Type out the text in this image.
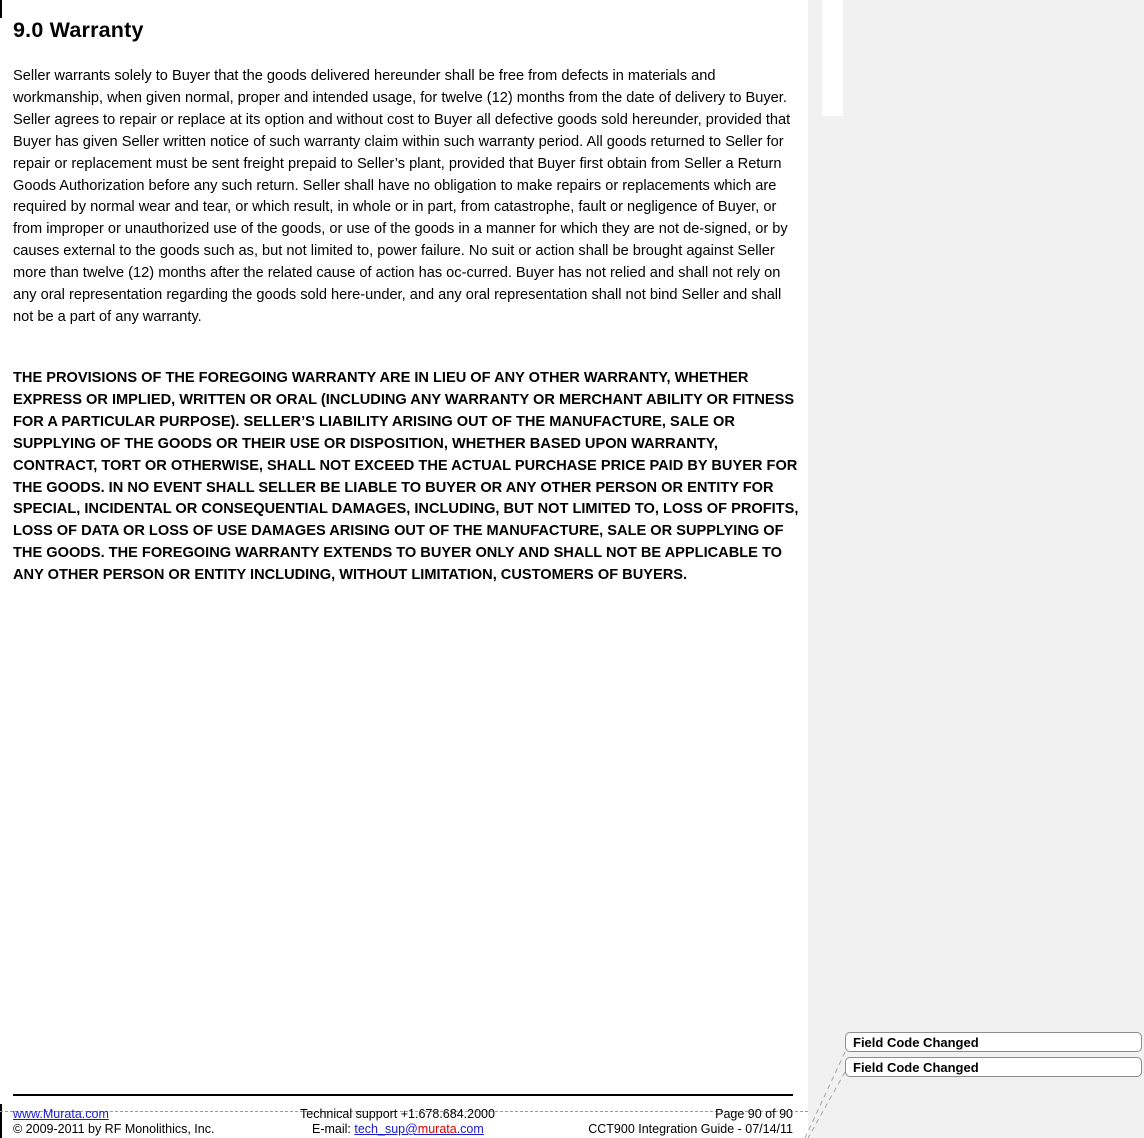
9.0 Warranty

Seller warrants solely to Buyer that the goods delivered hereunder shall be free from defects in materials and workmanship, when given normal, proper and intended usage, for twelve (12) months from the date of delivery to Buyer. Seller agrees to repair or replace at its option and without cost to Buyer all defective goods sold hereunder, provided that Buyer has given Seller written notice of such warranty claim within such warranty period. All goods returned to Seller for repair or replacement must be sent freight prepaid to Seller’s plant, provided that Buyer first obtain from Seller a Return Goods Authorization before any such return. Seller shall have no obligation to make repairs or replacements which are required by normal wear and tear, or which result, in whole or in part, from catastrophe, fault or negligence of Buyer, or from improper or unauthorized use of the goods, or use of the goods in a manner for which they are not de-signed, or by causes external to the goods such as, but not limited to, power failure. No suit or action shall be brought against Seller more than twelve (12) months after the related cause of action has oc-curred. Buyer has not relied and shall not rely on any oral representation regarding the goods sold here-under, and any oral representation shall not bind Seller and shall not be a part of any warranty.

THE PROVISIONS OF THE FOREGOING WARRANTY ARE IN LIEU OF ANY OTHER WARRANTY, WHETHER EXPRESS OR IMPLIED, WRITTEN OR ORAL (INCLUDING ANY WARRANTY OR MERCHANT ABILITY OR FITNESS FOR A PARTICULAR PURPOSE). SELLER’S LIABILITY ARISING OUT OF THE MANUFACTURE, SALE OR SUPPLYING OF THE GOODS OR THEIR USE OR DISPOSITION, WHETHER BASED UPON WARRANTY, CONTRACT, TORT OR OTHERWISE, SHALL NOT EXCEED THE ACTUAL PURCHASE PRICE PAID BY BUYER FOR THE GOODS. IN NO EVENT SHALL SELLER BE LIABLE TO BUYER OR ANY OTHER PERSON OR ENTITY FOR SPECIAL, INCIDENTAL OR CONSEQUENTIAL DAMAGES, INCLUDING, BUT NOT LIMITED TO, LOSS OF PROFITS, LOSS OF DATA OR LOSS OF USE DAMAGES ARISING OUT OF THE MANUFACTURE, SALE OR SUPPLYING OF THE GOODS. THE FOREGOING WARRANTY EXTENDS TO BUYER ONLY AND SHALL NOT BE APPLICABLE TO ANY OTHER PERSON OR ENTITY INCLUDING, WITHOUT LIMITATION, CUSTOMERS OF BUYERS.

www.Murata.com	Technical support +1.678.684.2000	Page 90 of 90
© 2009-2011 by RF Monolithics, Inc.	E-mail: tech_sup@murata.com	CCT900 Integration Guide - 07/14/11
Field Code Changed
Field Code Changed
